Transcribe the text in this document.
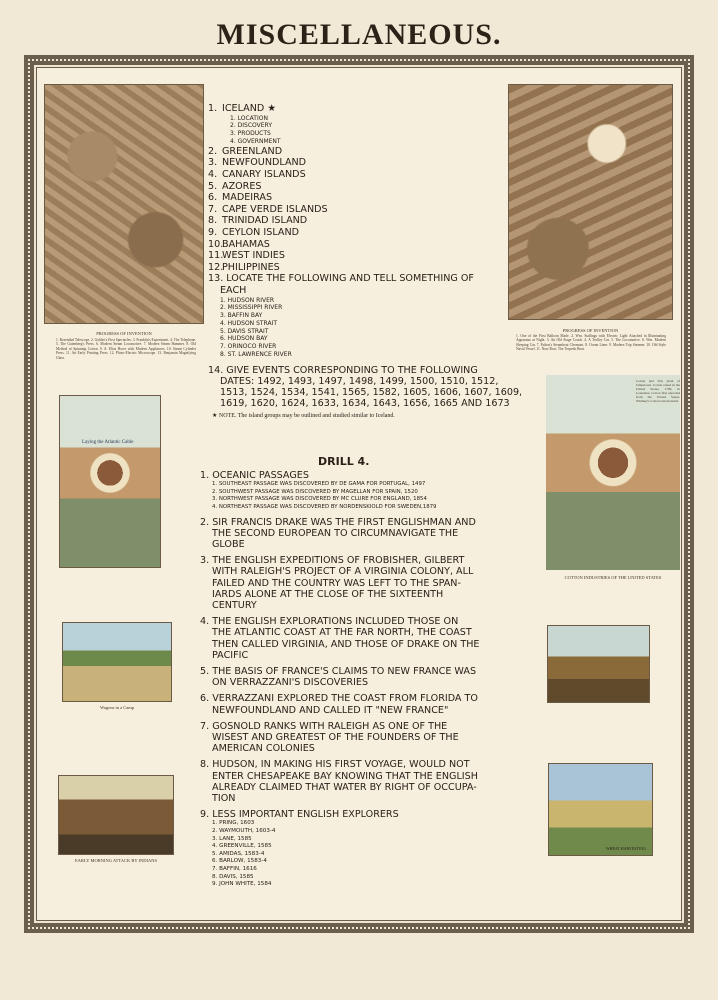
MISCELLANEOUS.
PROGRESS OF INVENTION
1. Rosenthal Telescope. 2. Galileo's First Spectacles. 3. Franklin's Experiment. 4. The Telephone. 5. The Gutenberg's Press. 6. Modern Steam Locomotive. 7. Modern Steam Hammer. 8. Old Method of Spinning Cotton. 9. A. Elias Howe with Modern Appliances. 10. Steam Cylinder Press. 11. An Early Printing Press. 12. Photo-Electric Microscope. 13. Benjamin Magnifying Glass.
PROGRESS OF INVENTION
1. One of the First Balloon Made. 2. Wm. Stallings with Electric Light Attached in Illuminating Apparatus at Night. 3. An Old Stage Coach. 4. A Trolley Car. 5. The Locomotive. 6. Wm. Modern Sleeping Car. 7. Fulton's Steamboat Clermont. 8. Ocean Liner. 9. Modern Trip Steamer. 10. Old Style Naval Vessel. 11. Now Row. The Torpedo Boat.
1. ICELAND ★
1. LOCATION
2. DISCOVERY
3. PRODUCTS
4. GOVERNMENT
2. GREENLAND
3. NEWFOUNDLAND
4. CANARY ISLANDS
5. AZORES
6. MADEIRAS
7. CAPE VERDE ISLANDS
8. TRINIDAD ISLAND
9. CEYLON ISLAND
10.BAHAMAS
11.WEST INDIES
12.PHILIPPINES
13. LOCATE THE FOLLOWING AND TELL SOMETHING OF
EACH
1. HUDSON RIVER
2. MISSISSIPPI RIVER
3. BAFFIN BAY
4. HUDSON STRAIT
5. DAVIS STRAIT
6. HUDSON BAY
7. ORINOCO RIVER
8. ST. LAWRENCE RIVER
14. GIVE EVENTS CORRESPONDING TO THE FOLLOWING
DATES: 1492, 1493, 1497, 1498, 1499, 1500, 1510, 1512,
1513, 1524, 1534, 1541, 1565, 1582, 1605, 1606, 1607, 1609,
1619, 1620, 1624, 1633, 1634, 1643, 1656, 1665 AND 1673
★ NOTE. The island groups may be outlined and studied similar to Iceland.
Laying the Atlantic Cable
Cotton and first plant of Jamestown. Cotton raised in the United States, 1790, in Louisiana. Cotton first exported from the United States. Whitney's Cotton Gin invented.
COTTON INDUSTRIES OF THE UNITED STATES
Wagons in a Camp
EARLY MORNING ATTACK BY INDIANS
WHEAT HARVESTING
DRILL 4.
1. OCEANIC PASSAGES
1. SOUTHEAST PASSAGE WAS DISCOVERED BY DE GAMA FOR PORTUGAL, 1497
2. SOUTHWEST PASSAGE WAS DISCOVERED BY MAGELLAN FOR SPAIN, 1520
3. NORTHWEST PASSAGE WAS DISCOVERED BY MC CLURE FOR ENGLAND, 1854
4. NORTHEAST PASSAGE WAS DISCOVERED BY NORDENSKIOLD FOR SWEDEN,1879
2. SIR FRANCIS DRAKE WAS THE FIRST ENGLISHMAN AND
THE SECOND EUROPEAN TO CIRCUMNAVIGATE THE
GLOBE
3. THE ENGLISH EXPEDITIONS OF FROBISHER, GILBERT
WITH RALEIGH'S PROJECT OF A VIRGINIA COLONY, ALL
FAILED AND THE COUNTRY WAS LEFT TO THE SPAN-
IARDS ALONE AT THE CLOSE OF THE SIXTEENTH
CENTURY
4. THE ENGLISH EXPLORATIONS INCLUDED THOSE ON
THE ATLANTIC COAST AT THE FAR NORTH, THE COAST
THEN CALLED VIRGINIA, AND THOSE OF DRAKE ON THE
PACIFIC
5. THE BASIS OF FRANCE'S CLAIMS TO NEW FRANCE WAS
ON VERRAZZANI'S DISCOVERIES
6. VERRAZZANI EXPLORED THE COAST FROM FLORIDA TO
NEWFOUNDLAND AND CALLED IT "NEW FRANCE"
7. GOSNOLD RANKS WITH RALEIGH AS ONE OF THE
WISEST AND GREATEST OF THE FOUNDERS OF THE
AMERICAN COLONIES
8. HUDSON, IN MAKING HIS FIRST VOYAGE, WOULD NOT
ENTER CHESAPEAKE BAY KNOWING THAT THE ENGLISH
ALREADY CLAIMED THAT WATER BY RIGHT OF OCCUPA-
TION
9. LESS IMPORTANT ENGLISH EXPLORERS
1. PRING, 1603
2. WAYMOUTH, 1603-4
3. LANE, 1585
4. GREENVILLE, 1585
5. AMIDAS, 1583-4
6. BARLOW, 1583-4
7. BAFFIN, 1616
8. DAVIS, 1585
9. JOHN WHITE, 1584
